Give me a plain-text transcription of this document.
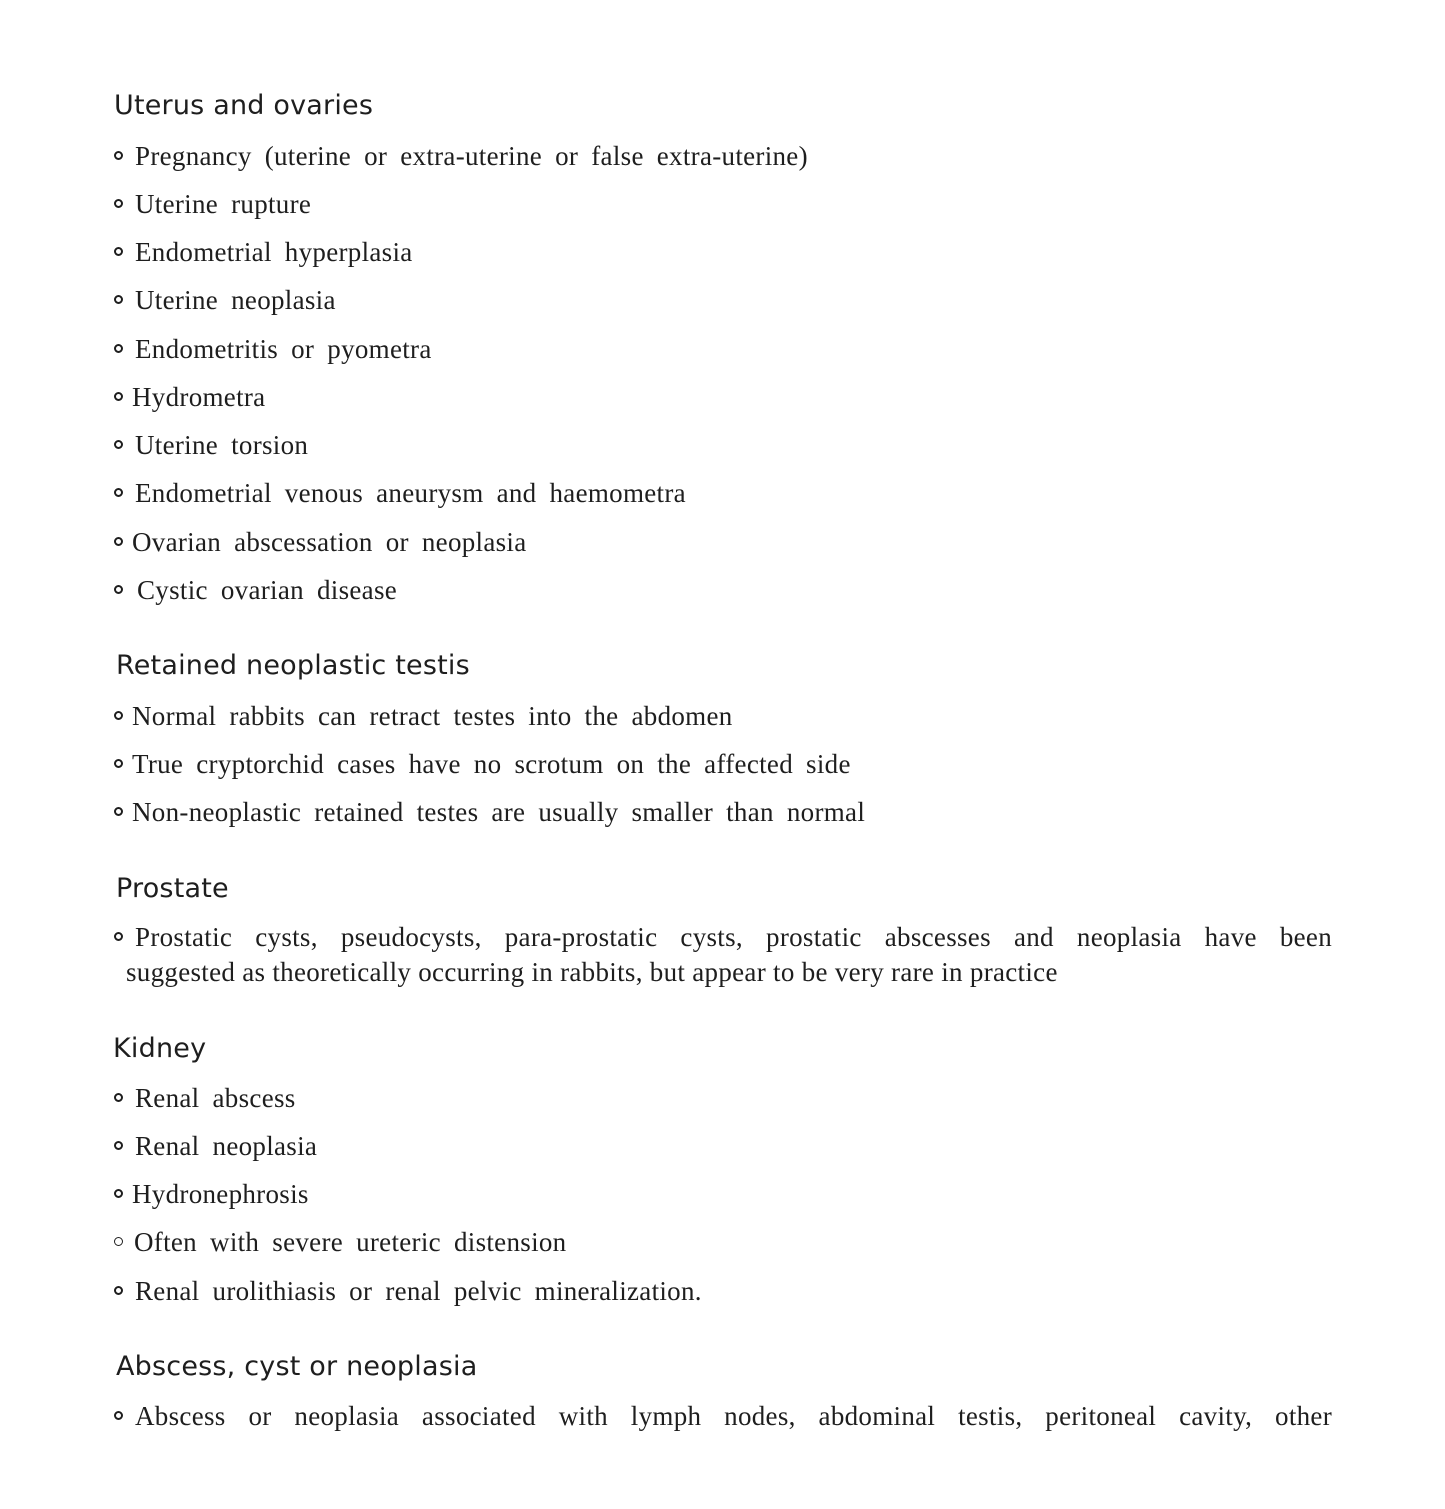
Uterus and ovaries
Pregnancy (uterine or extra-uterine or false extra-uterine)
Uterine rupture
Endometrial hyperplasia
Uterine neoplasia
Endometritis or pyometra
Hydrometra
Uterine torsion
Endometrial venous aneurysm and haemometra
Ovarian abscessation or neoplasia
Cystic ovarian disease
Retained neoplastic testis
Normal rabbits can retract testes into the abdomen
True cryptorchid cases have no scrotum on the affected side
Non-neoplastic retained testes are usually smaller than normal
Prostate
Prostatic cysts, pseudocysts, para-prostatic cysts, prostatic abscesses and neoplasia have been
suggested as theoretically occurring in rabbits, but appear to be very rare in practice
Kidney
Renal abscess
Renal neoplasia
Hydronephrosis
Often with severe ureteric distension
Renal urolithiasis or renal pelvic mineralization.
Abscess, cyst or neoplasia
Abscess or neoplasia associated with lymph nodes, abdominal testis, peritoneal cavity, other
